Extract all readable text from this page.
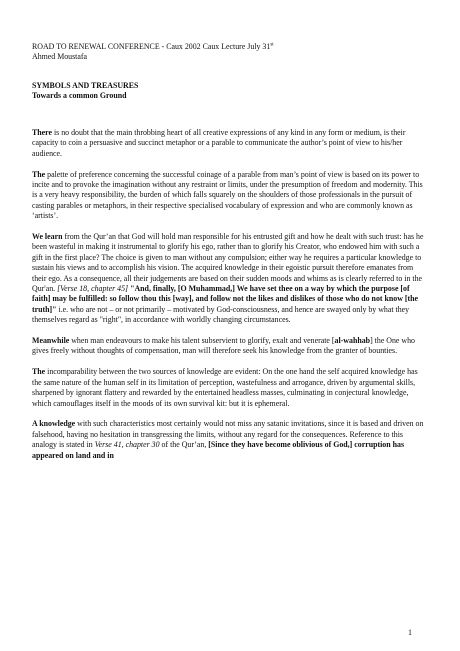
ROAD TO RENEWAL CONFERENCE - Caux 2002 Caux Lecture July 31st
Ahmed Moustafa
SYMBOLS AND TREASURES
Towards a common Ground

There is no doubt that the main throbbing heart of all creative expressions of any kind in any form or medium, is their capacity to coin a persuasive and succinct metaphor or a parable to communicate the author’s point of view to his/her audience.

The palette of preference concerning the successful coinage of a parable from man’s point of view is based on its power to incite and to provoke the imagination without any restraint or limits, under the presumption of freedom and modernity. This is a very heavy responsibility, the burden of which falls squarely on the shoulders of those professionals in the pursuit of casting parables or metaphors, in their respective specialised vocabulary of expression and who are commonly known as ‘artists’.

We learn from the Qur’an that God will hold man responsible for his entrusted gift and how he dealt with such trust: has he been wasteful in making it instrumental to glorify his ego, rather than to glorify his Creator, who endowed him with such a gift in the first place? The choice is given to man without any compulsion; either way he requires a particular knowledge to sustain his views and to accomplish his vision. The acquired knowledge in their egoistic pursuit therefore emanates from their ego. As a consequence, all their judgements are based on their sudden moods and whims as is clearly referred to in the Qur'an. [Verse 18, chapter 45] "And, finally, [O Muhammad,] We have set thee on a way by which the purpose [of faith] may be fulfilled: so follow thou this [way], and follow not the likes and dislikes of those who do not know [the truth]" i.e. who are not – or not primarily – motivated by God-consciousness, and hence are swayed only by what they themselves regard as "right", in accordance with worldly changing circumstances.

Meanwhile when man endeavours to make his talent subservient to glorify, exalt and venerate [al-wahhab] the One who gives freely without thoughts of compensation, man will therefore seek his knowledge from the granter of bounties.

The incomparability between the two sources of knowledge are evident: On the one hand the self acquired knowledge has the same nature of the human self in its limitation of perception, wastefulness and arrogance, driven by argumental skills, sharpened by ignorant flattery and rewarded by the entertained headless masses, culminating in conjectural knowledge, which camouflages itself in the moods of its own survival kit: but it is ephemeral.

A knowledge with such characteristics most certainly would not miss any satanic invitations, since it is based and driven on falsehood, having no hesitation in transgressing the limits, without any regard for the consequences. Reference to this analogy is stated in Verse 41, chapter 30 of the Qur’an, [Since they have become oblivious of God,] corruption has appeared on land and in

1
